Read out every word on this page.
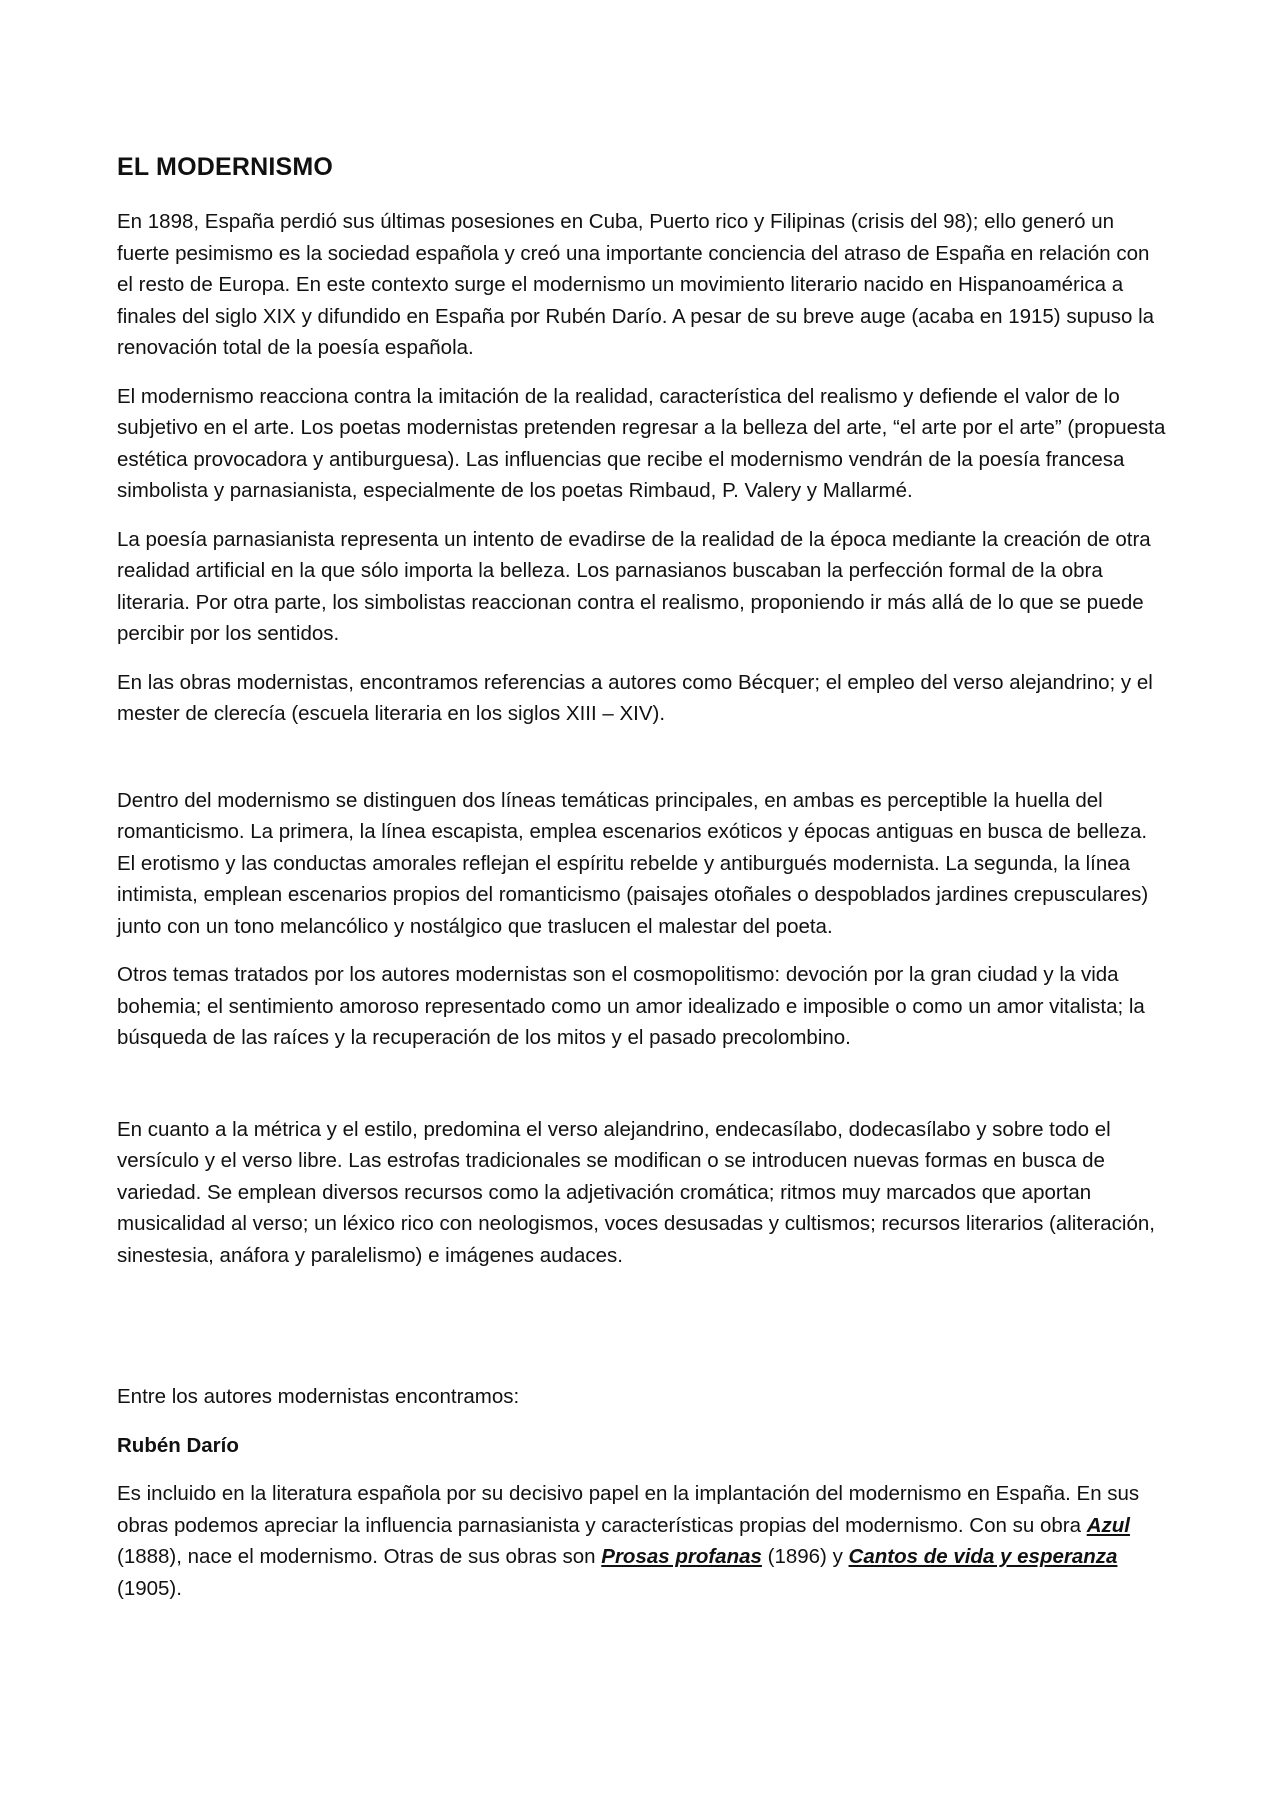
EL MODERNISMO

En 1898, España perdió sus últimas posesiones en Cuba, Puerto rico y Filipinas (crisis del 98); ello generó un fuerte pesimismo es la sociedad española y creó una importante conciencia del atraso de España en relación con el resto de Europa. En este contexto surge el modernismo un movimiento literario nacido en Hispanoamérica a finales del siglo XIX y difundido en España por Rubén Darío. A pesar de su breve auge (acaba en 1915) supuso la renovación total de la poesía española.

El modernismo reacciona contra la imitación de la realidad, característica del realismo y defiende el valor de lo subjetivo en el arte. Los poetas modernistas pretenden regresar a la belleza del arte, “el arte por el arte” (propuesta estética provocadora y antiburguesa). Las influencias que recibe el modernismo vendrán de la poesía francesa simbolista y parnasianista, especialmente de los poetas Rimbaud, P. Valery y Mallarmé.

La poesía parnasianista representa un intento de evadirse de la realidad de la época mediante la creación de otra realidad artificial en la que sólo importa la belleza. Los parnasianos buscaban la perfección formal de la obra literaria. Por otra parte, los simbolistas reaccionan contra el realismo, proponiendo ir más allá de lo que se puede percibir por los sentidos.

En las obras modernistas, encontramos referencias a autores como Bécquer; el empleo del verso alejandrino; y el mester de clerecía (escuela literaria en los siglos XIII – XIV).

Dentro del modernismo se distinguen dos líneas temáticas principales, en ambas es perceptible la huella del romanticismo. La primera, la línea escapista, emplea escenarios exóticos y épocas antiguas en busca de belleza. El erotismo y las conductas amorales reflejan el espíritu rebelde y antiburgués modernista. La segunda, la línea intimista, emplean escenarios propios del romanticismo (paisajes otoñales o despoblados jardines crepusculares) junto con un tono melancólico y nostálgico que traslucen el malestar del poeta.

Otros temas tratados por los autores modernistas son el cosmopolitismo: devoción por la gran ciudad y la vida bohemia; el sentimiento amoroso representado como un amor idealizado e imposible o como un amor vitalista; la búsqueda de las raíces y la recuperación de los mitos y el pasado precolombino.

En cuanto a la métrica y el estilo, predomina el verso alejandrino, endecasílabo, dodecasílabo y sobre todo el versículo y el verso libre. Las estrofas tradicionales se modifican o se introducen nuevas formas en busca de variedad. Se emplean diversos recursos como la adjetivación cromática; ritmos muy marcados que aportan musicalidad al verso; un léxico rico con neologismos, voces desusadas y cultismos; recursos literarios (aliteración, sinestesia, anáfora y paralelismo) e imágenes audaces.

Entre los autores modernistas encontramos:

Rubén Darío

Es incluido en la literatura española por su decisivo papel en la implantación del modernismo en España. En sus obras podemos apreciar la influencia parnasianista y características propias del modernismo. Con su obra Azul (1888), nace el modernismo. Otras de sus obras son Prosas profanas (1896) y Cantos de vida y esperanza (1905).
